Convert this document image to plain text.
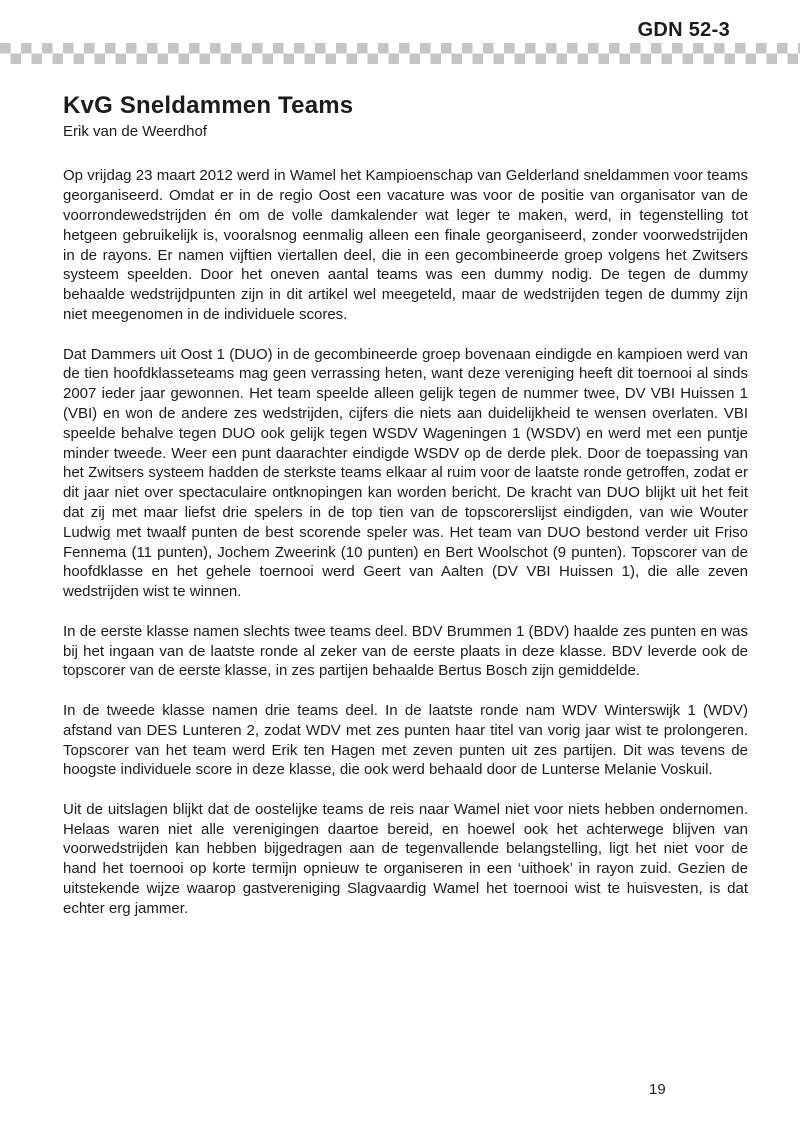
GDN 52-3
KvG Sneldammen Teams
Erik van de Weerdhof

Op vrijdag 23 maart 2012 werd in Wamel het Kampioenschap van Gelderland sneldammen voor teams georganiseerd. Omdat er in de regio Oost een vacature was voor de positie van organisator van de voorrondewedstrijden én om de volle damkalender wat leger te maken, werd, in tegenstelling tot hetgeen gebruikelijk is, vooralsnog eenmalig alleen een finale georganiseerd, zonder voorwedstrijden in de rayons. Er namen vijftien viertallen deel, die in een gecombineerde groep volgens het Zwitsers systeem speelden. Door het oneven aantal teams was een dummy nodig. De tegen de dummy behaalde wedstrijdpunten zijn in dit artikel wel meegeteld, maar de wedstrijden tegen de dummy zijn niet meegenomen in de individuele scores.

Dat Dammers uit Oost 1 (DUO) in de gecombineerde groep bovenaan eindigde en kampioen werd van de tien hoofdklasseteams mag geen verrassing heten, want deze vereniging heeft dit toernooi al sinds 2007 ieder jaar gewonnen. Het team speelde alleen gelijk tegen de nummer twee, DV VBI Huissen 1 (VBI) en won de andere zes wedstrijden, cijfers die niets aan duidelijkheid te wensen overlaten. VBI speelde behalve tegen DUO ook gelijk tegen WSDV Wageningen 1 (WSDV) en werd met een puntje minder tweede. Weer een punt daarachter eindigde WSDV op de derde plek. Door de toepassing van het Zwitsers systeem hadden de sterkste teams elkaar al ruim voor de laatste ronde getroffen, zodat er dit jaar niet over spectaculaire ontknopingen kan worden bericht. De kracht van DUO blijkt uit het feit dat zij met maar liefst drie spelers in de top tien van de topscorerslijst eindigden, van wie Wouter Ludwig met twaalf punten de best scorende speler was. Het team van DUO bestond verder uit Friso Fennema (11 punten), Jochem Zweerink (10 punten) en Bert Woolschot (9 punten). Topscorer van de hoofdklasse en het gehele toernooi werd Geert van Aalten (DV VBI Huissen 1), die alle zeven wedstrijden wist te winnen.

In de eerste klasse namen slechts twee teams deel. BDV Brummen 1 (BDV) haalde zes punten en was bij het ingaan van de laatste ronde al zeker van de eerste plaats in deze klasse. BDV leverde ook de topscorer van de eerste klasse, in zes partijen behaalde Bertus Bosch zijn gemiddelde.

In de tweede klasse namen drie teams deel. In de laatste ronde nam WDV Winterswijk 1 (WDV) afstand van DES Lunteren 2, zodat WDV met zes punten haar titel van vorig jaar wist te prolongeren. Topscorer van het team werd Erik ten Hagen met zeven punten uit zes partijen. Dit was tevens de hoogste individuele score in deze klasse, die ook werd behaald door de Lunterse Melanie Voskuil.

Uit de uitslagen blijkt dat de oostelijke teams de reis naar Wamel niet voor niets hebben ondernomen. Helaas waren niet alle verenigingen daartoe bereid, en hoewel ook het achterwege blijven van voorwedstrijden kan hebben bijgedragen aan de tegenvallende belangstelling, ligt het niet voor de hand het toernooi op korte termijn opnieuw te organiseren in een ‘uithoek’ in rayon zuid. Gezien de uitstekende wijze waarop gastvereniging Slagvaardig Wamel het toernooi wist te huisvesten, is dat echter erg jammer.

19
